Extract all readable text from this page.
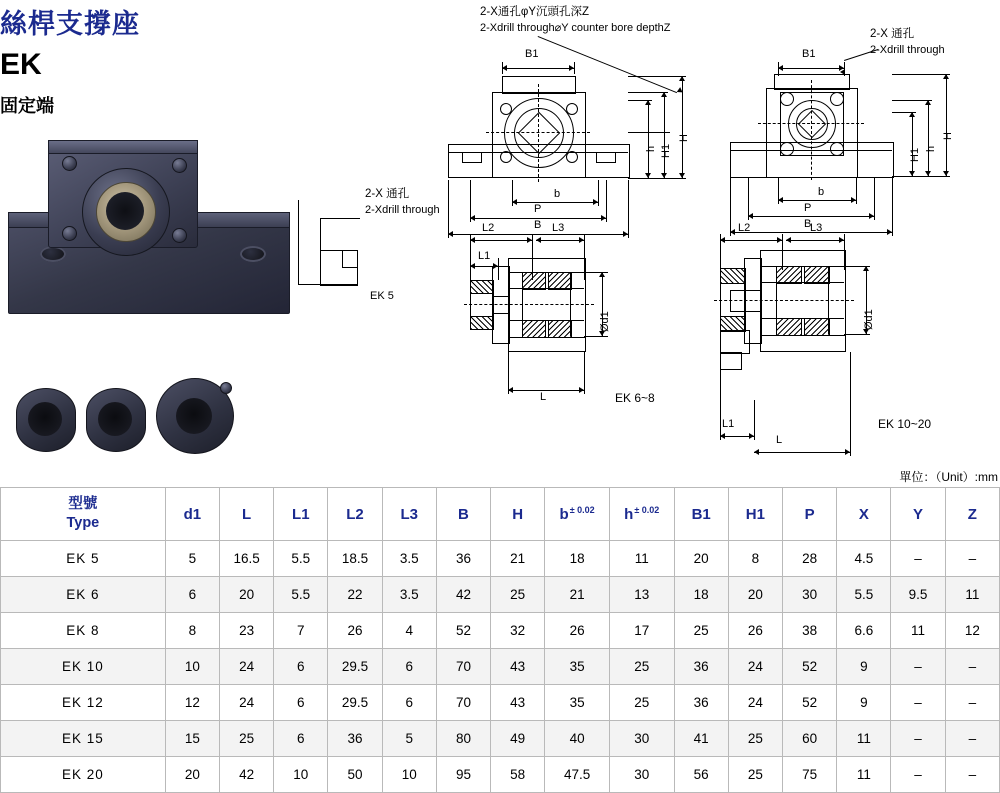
絲桿支撐座
EK
固定端
2-X通孔φY沉頭孔深Z
2-Xdrill through⌀Y counter bore depthZ	2-X 通孔
2-Xdrill through
B1
h H1
H
b
P
B
B1
H1 h
H
b
P
B
2-X 通孔
2-Xdrill through
EK 5
L1
L2	L3
Ød1
L	EK 6~8
L2	L3
Ød1
L1
L
EK 10~20
單位：（Unit）:mm
型號
Type	d1	L	L1	L2	L3	B	H	b± 0.02	h± 0.02	B1	H1	P	X	Y	Z
EK 5	5	16.5	5.5	18.5	3.5	36	21	18	11	20	8	28	4.5	–	–
EK 6	6	20	5.5	22	3.5	42	25	21	13	18	20	30	5.5	9.5	11
EK 8	8	23	7	26	4	52	32	26	17	25	26	38	6.6	11	12
EK 10	10	24	6	29.5	6	70	43	35	25	36	24	52	9	–	–
EK 12	12	24	6	29.5	6	70	43	35	25	36	24	52	9	–	–
EK 15	15	25	6	36	5	80	49	40	30	41	25	60	11	–	–
EK 20	20	42	10	50	10	95	58	47.5	30	56	25	75	11	–	–
